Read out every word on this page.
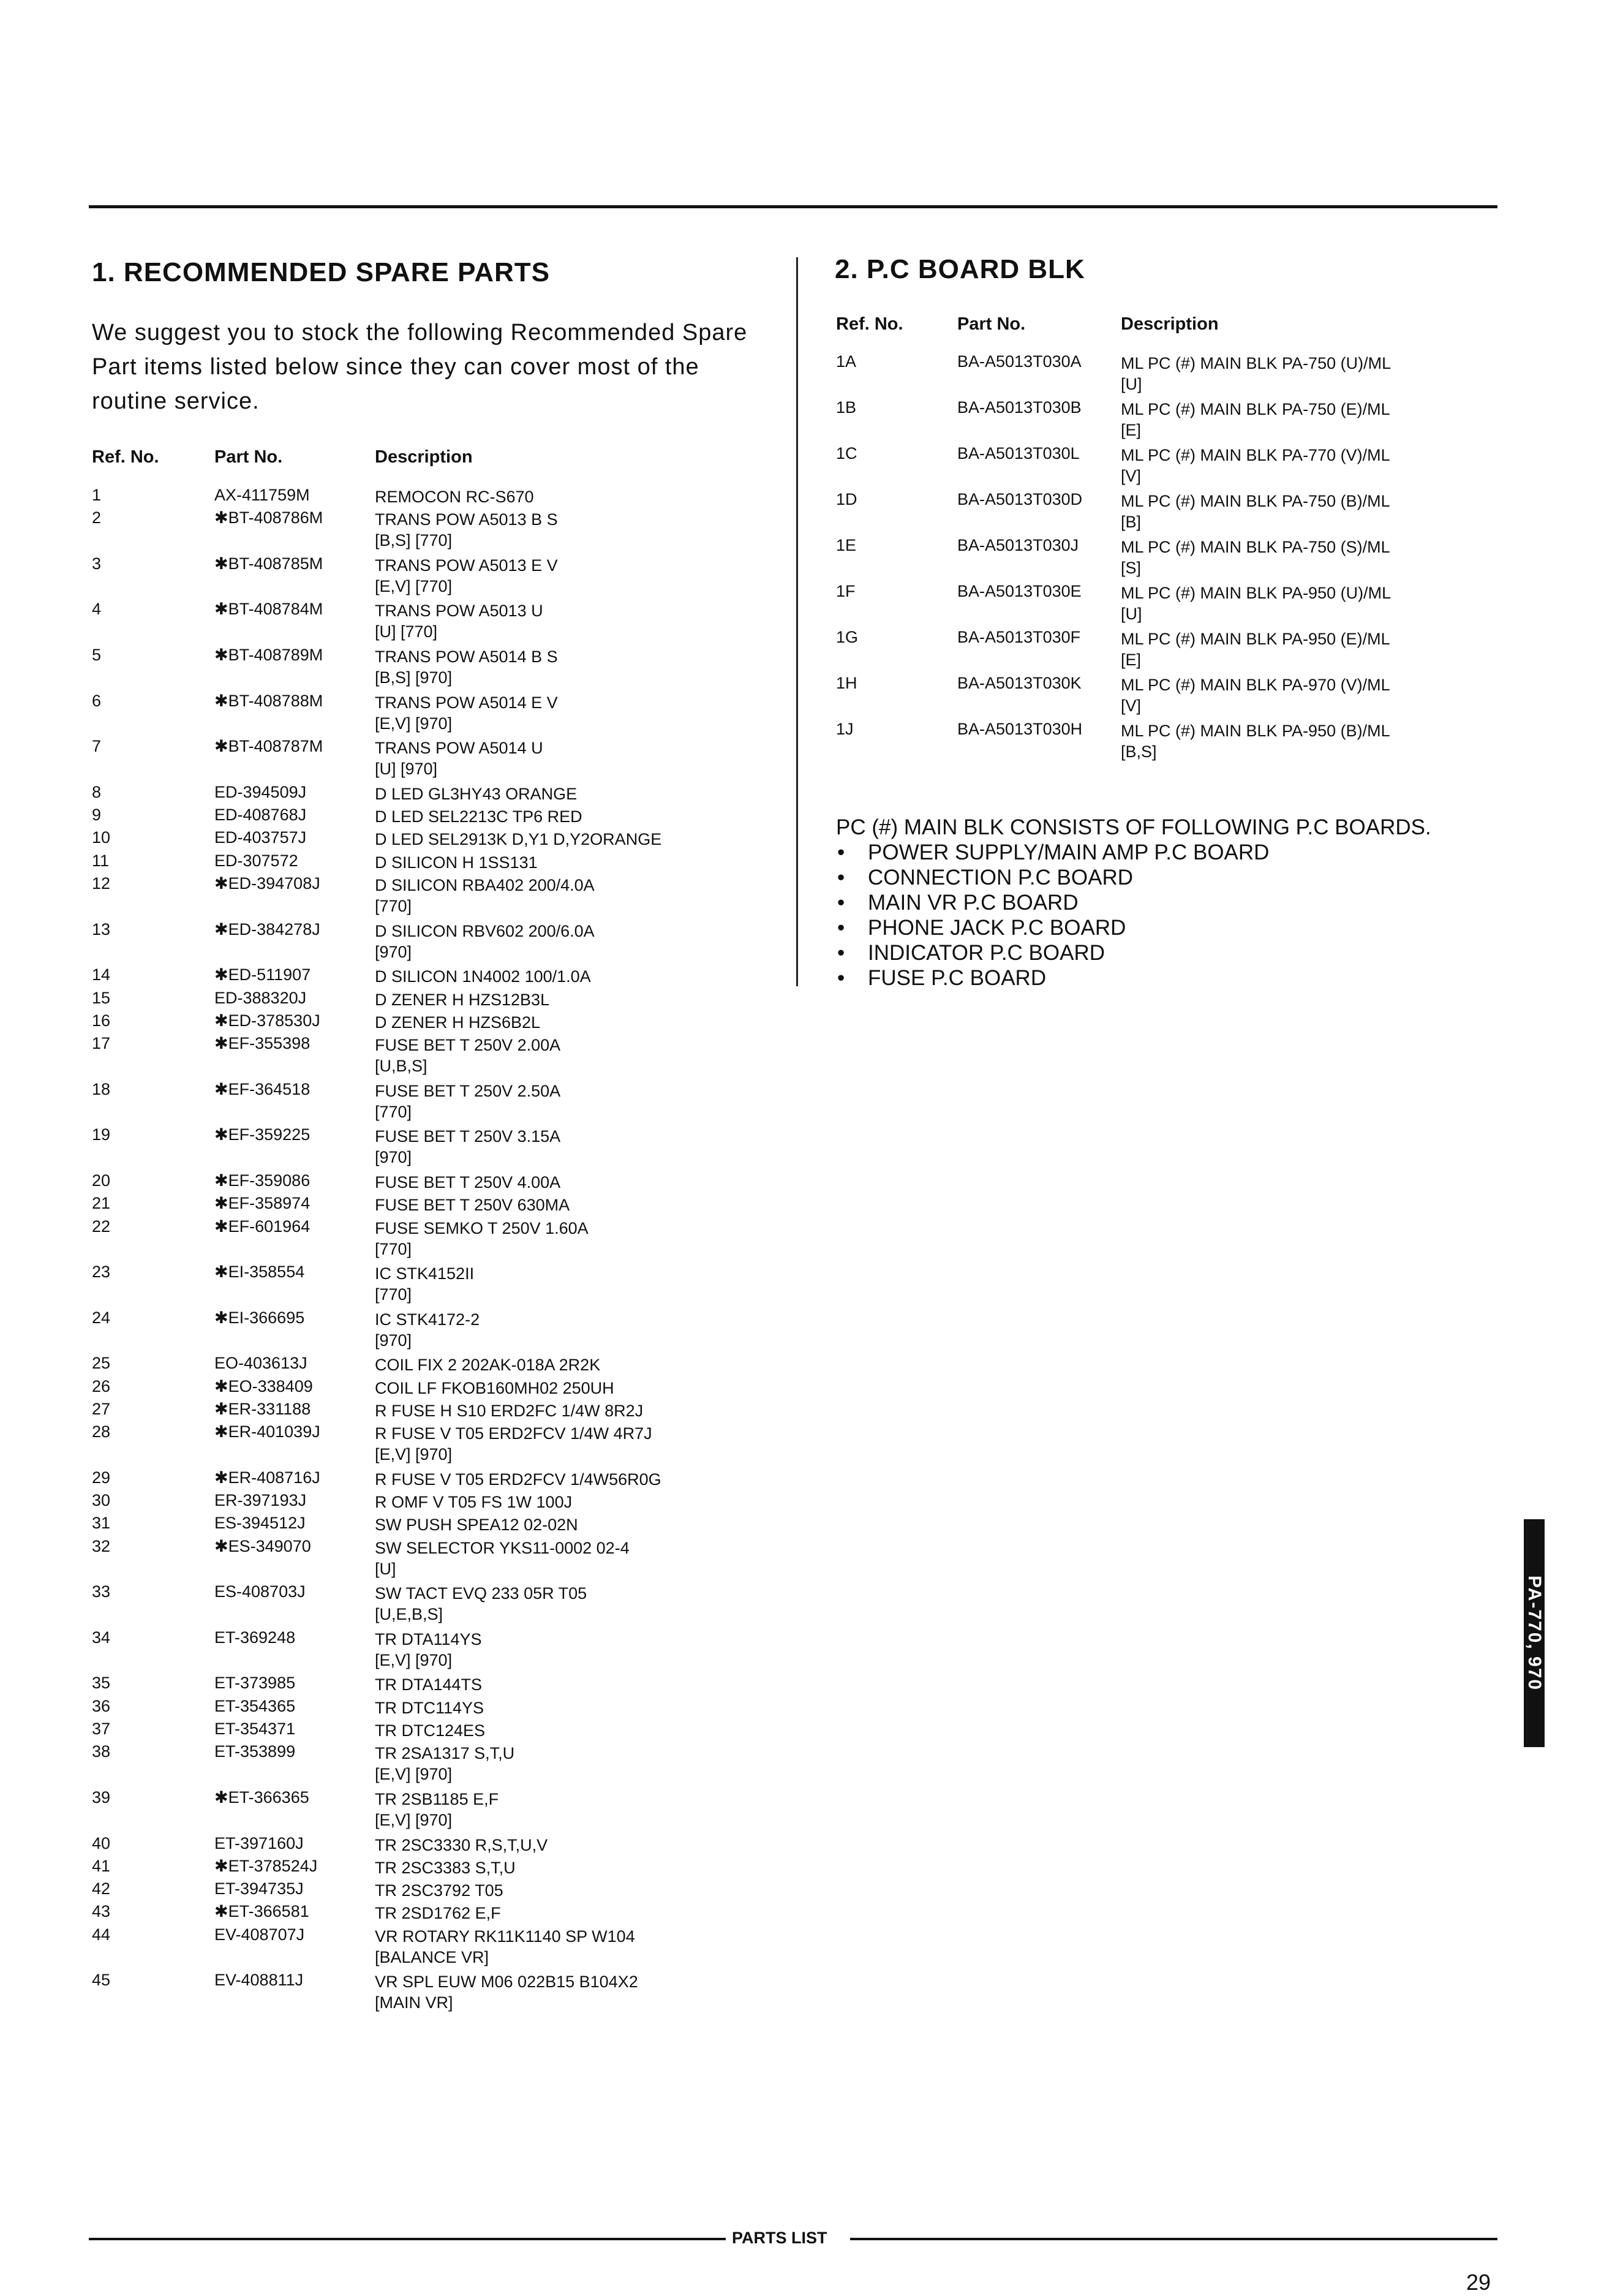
1. RECOMMENDED SPARE PARTS
We suggest you to stock the following Recommended Spare Part items listed below since they can cover most of the routine service.
Ref. No.	Part No.	Description
1	AX-411759M	REMOCON RC-S670
2	✱BT-408786M	TRANS POW A5013 B S
[B,S] [770]
3	✱BT-408785M	TRANS POW A5013 E V
[E,V] [770]
4	✱BT-408784M	TRANS POW A5013 U
[U] [770]
5	✱BT-408789M	TRANS POW A5014 B S
[B,S] [970]
6	✱BT-408788M	TRANS POW A5014 E V
[E,V] [970]
7	✱BT-408787M	TRANS POW A5014 U
[U] [970]
8	ED-394509J	D LED GL3HY43 ORANGE
9	ED-408768J	D LED SEL2213C TP6 RED
10	ED-403757J	D LED SEL2913K D,Y1 D,Y2ORANGE
11	ED-307572	D SILICON H 1SS131
12	✱ED-394708J	D SILICON RBA402 200/4.0A
[770]
13	✱ED-384278J	D SILICON RBV602 200/6.0A
[970]
14	✱ED-511907	D SILICON 1N4002 100/1.0A
15	ED-388320J	D ZENER H HZS12B3L
16	✱ED-378530J	D ZENER H HZS6B2L
17	✱EF-355398	FUSE BET T 250V 2.00A
[U,B,S]
18	✱EF-364518	FUSE BET T 250V 2.50A
[770]
19	✱EF-359225	FUSE BET T 250V 3.15A
[970]
20	✱EF-359086	FUSE BET T 250V 4.00A
21	✱EF-358974	FUSE BET T 250V 630MA
22	✱EF-601964	FUSE SEMKO T 250V 1.60A
[770]
23	✱EI-358554	IC STK4152II
[770]
24	✱EI-366695	IC STK4172-2
[970]
25	EO-403613J	COIL FIX 2 202AK-018A 2R2K
26	✱EO-338409	COIL LF FKOB160MH02 250UH
27	✱ER-331188	R FUSE H S10 ERD2FC 1/4W 8R2J
28	✱ER-401039J	R FUSE V T05 ERD2FCV 1/4W 4R7J
[E,V] [970]
29	✱ER-408716J	R FUSE V T05 ERD2FCV 1/4W56R0G
30	ER-397193J	R OMF V T05 FS 1W 100J
31	ES-394512J	SW PUSH SPEA12 02-02N
32	✱ES-349070	SW SELECTOR YKS11-0002 02-4
[U]
33	ES-408703J	SW TACT EVQ 233 05R T05
[U,E,B,S]
34	ET-369248	TR DTA114YS
[E,V] [970]
35	ET-373985	TR DTA144TS
36	ET-354365	TR DTC114YS
37	ET-354371	TR DTC124ES
38	ET-353899	TR 2SA1317 S,T,U
[E,V] [970]
39	✱ET-366365	TR 2SB1185 E,F
[E,V] [970]
40	ET-397160J	TR 2SC3330 R,S,T,U,V
41	✱ET-378524J	TR 2SC3383 S,T,U
42	ET-394735J	TR 2SC3792 T05
43	✱ET-366581	TR 2SD1762 E,F
44	EV-408707J	VR ROTARY RK11K1140 SP W104
[BALANCE VR]
45	EV-408811J	VR SPL EUW M06 022B15 B104X2
[MAIN VR]
2. P.C BOARD BLK
Ref. No.	Part No.	Description
1A	BA-A5013T030A ML PC (#) MAIN BLK PA-750 (U)/ML
[U]
1B	BA-A5013T030B ML PC (#) MAIN BLK PA-750 (E)/ML
[E]
1C	BA-A5013T030L ML PC (#) MAIN BLK PA-770 (V)/ML
[V]
1D	BA-A5013T030D ML PC (#) MAIN BLK PA-750 (B)/ML
[B]
1E	BA-A5013T030J	ML PC (#) MAIN BLK PA-750 (S)/ML
[S]
1F	BA-A5013T030E ML PC (#) MAIN BLK PA-950 (U)/ML
[U]
1G	BA-A5013T030F ML PC (#) MAIN BLK PA-950 (E)/ML
[E]
1H	BA-A5013T030K ML PC (#) MAIN BLK PA-970 (V)/ML
[V]
1J	BA-A5013T030H ML PC (#) MAIN BLK PA-950 (B)/ML
[B,S]
PC (#) MAIN BLK CONSISTS OF FOLLOWING P.C BOARDS.
• POWER SUPPLY/MAIN AMP P.C BOARD
• CONNECTION P.C BOARD
• MAIN VR P.C BOARD
• PHONE JACK P.C BOARD
• INDICATOR P.C BOARD
• FUSE P.C BOARD
PA-770, 970
PARTS LIST
29
